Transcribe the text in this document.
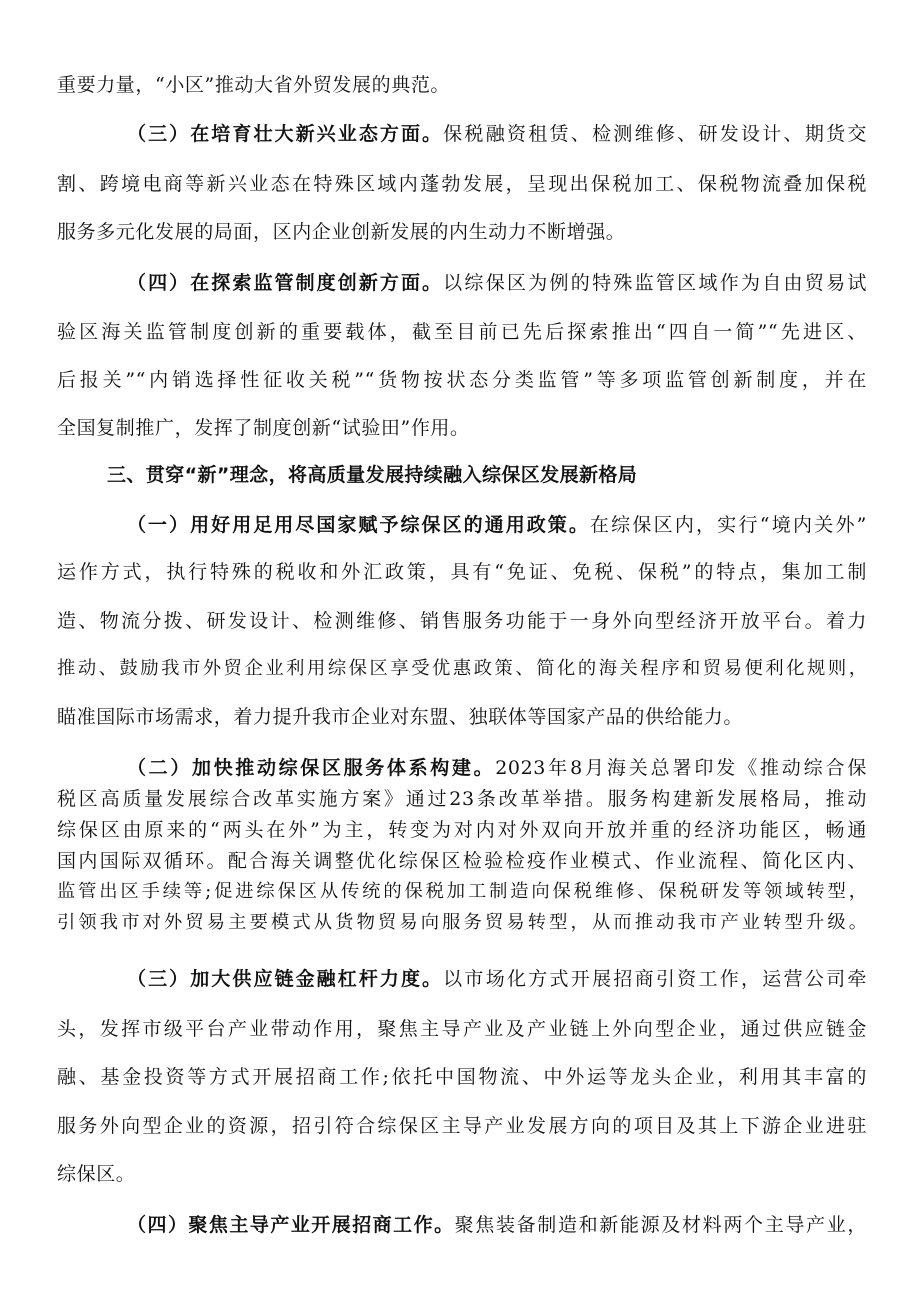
重要力量，“小区”推动大省外贸发展的典范。
（三）在培育壮大新兴业态方面。保税融资租赁、检测维修、研发设计、期货交
割、跨境电商等新兴业态在特殊区域内蓬勃发展，呈现出保税加工、保税物流叠加保税
服务多元化发展的局面，区内企业创新发展的内生动力不断增强。
（四）在探索监管制度创新方面。以综保区为例的特殊监管区域作为自由贸易试
验区海关监管制度创新的重要载体，截至目前已先后探索推出“四自一简”“先进区、
后报关”“内销选择性征收关税”“货物按状态分类监管”等多项监管创新制度，并在
全国复制推广，发挥了制度创新“试验田”作用。
三、贯穿“新”理念，将高质量发展持续融入综保区发展新格局
（一）用好用足用尽国家赋予综保区的通用政策。在综保区内，实行“境内关外”
运作方式，执行特殊的税收和外汇政策，具有“免证、免税、保税”的特点，集加工制
造、物流分拨、研发设计、检测维修、销售服务功能于一身外向型经济开放平台。着力
推动、鼓励我市外贸企业利用综保区享受优惠政策、简化的海关程序和贸易便利化规则，
瞄准国际市场需求，着力提升我市企业对东盟、独联体等国家产品的供给能力。
（二）加快推动综保区服务体系构建。2023年8月海关总署印发《推动综合保
税区高质量发展综合改革实施方案》通过23条改革举措。服务构建新发展格局，推动
综保区由原来的“两头在外”为主，转变为对内对外双向开放并重的经济功能区，畅通
国内国际双循环。配合海关调整优化综保区检验检疫作业模式、作业流程、简化区内、
监管出区手续等;促进综保区从传统的保税加工制造向保税维修、保税研发等领域转型，
引领我市对外贸易主要模式从货物贸易向服务贸易转型，从而推动我市产业转型升级。
（三）加大供应链金融杠杆力度。以市场化方式开展招商引资工作，运营公司牵
头，发挥市级平台产业带动作用，聚焦主导产业及产业链上外向型企业，通过供应链金
融、基金投资等方式开展招商工作;依托中国物流、中外运等龙头企业，利用其丰富的
服务外向型企业的资源，招引符合综保区主导产业发展方向的项目及其上下游企业进驻
综保区。
（四）聚焦主导产业开展招商工作。聚焦装备制造和新能源及材料两个主导产业，
